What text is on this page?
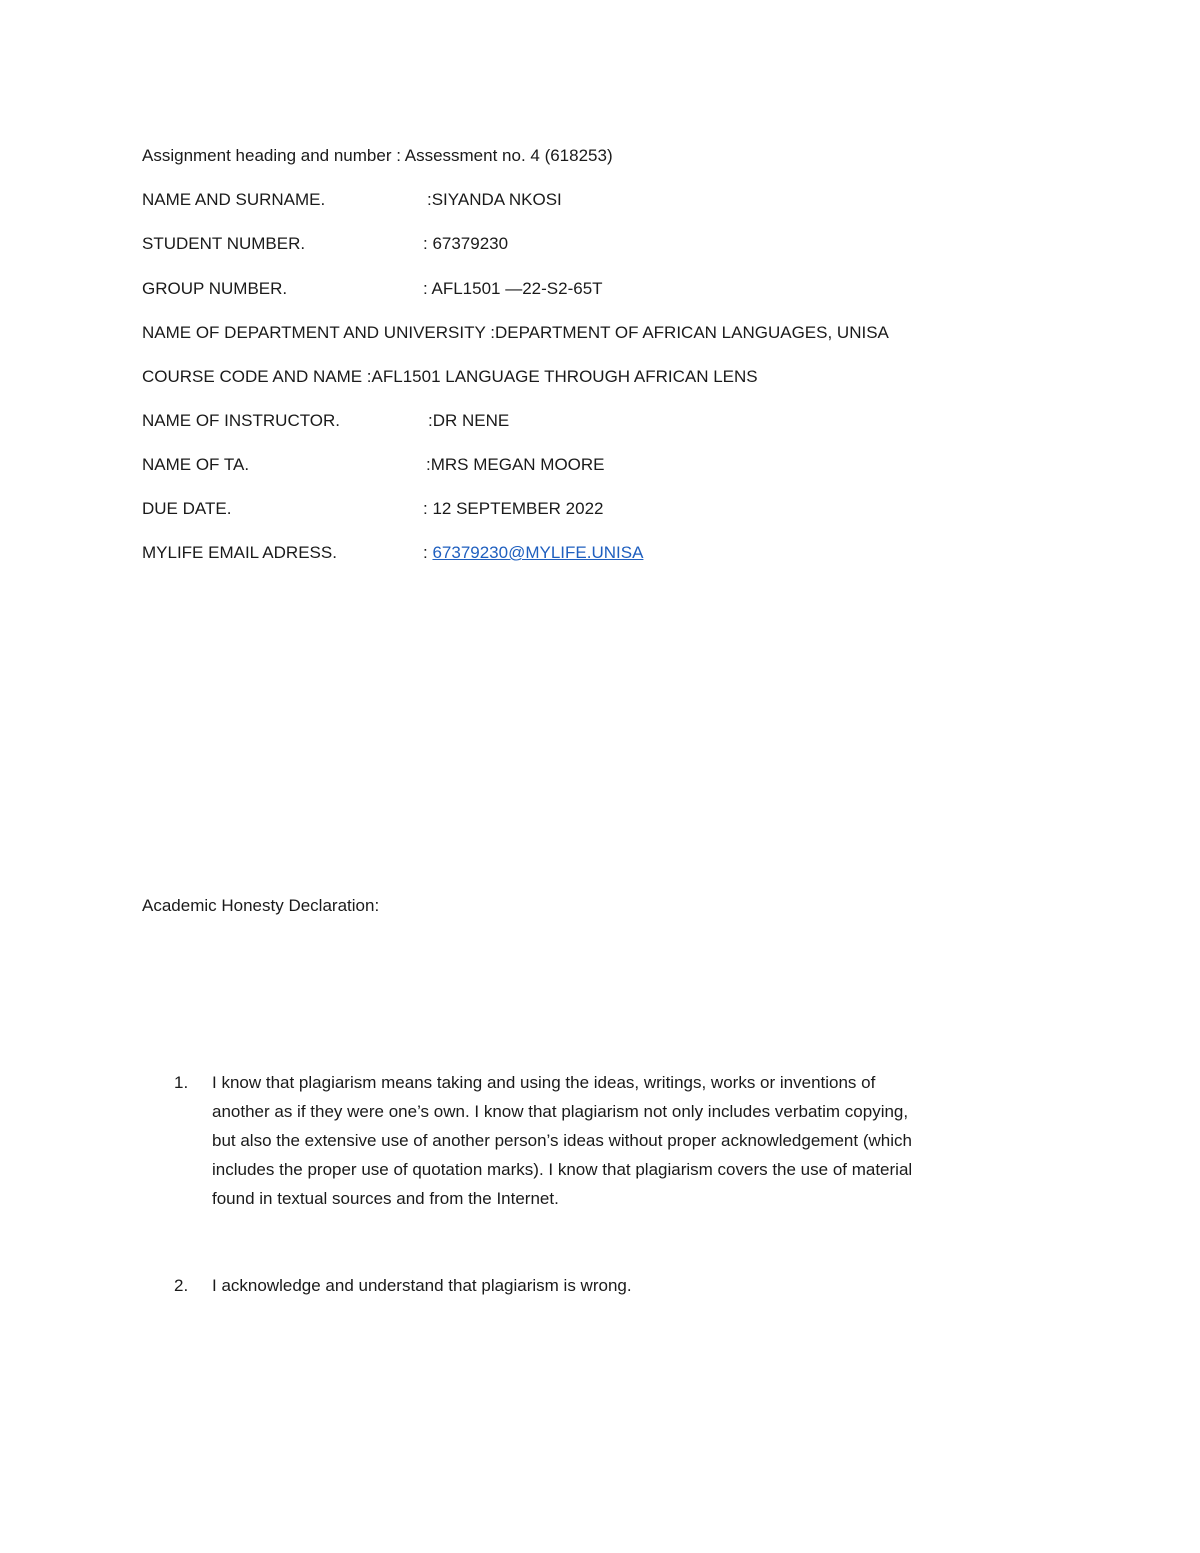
Assignment heading and number : Assessment no. 4 (618253)
NAME AND SURNAME.	:SIYANDA NKOSI
STUDENT NUMBER.	: 67379230
GROUP NUMBER.	: AFL1501 —22-S2-65T
NAME OF DEPARTMENT AND UNIVERSITY :DEPARTMENT OF AFRICAN LANGUAGES, UNISA
COURSE CODE AND NAME :AFL1501 LANGUAGE THROUGH AFRICAN LENS
NAME OF INSTRUCTOR.	:DR NENE
NAME OF TA.	:MRS MEGAN MOORE
DUE DATE.	: 12 SEPTEMBER 2022
MYLIFE EMAIL ADRESS.	: 67379230@MYLIFE.UNISA
Academic Honesty Declaration:
1.	I know that plagiarism means taking and using the ideas, writings, works or inventions of
another as if they were one’s own. I know that plagiarism not only includes verbatim copying,
but also the extensive use of another person’s ideas without proper acknowledgement (which
includes the proper use of quotation marks). I know that plagiarism covers the use of material
found in textual sources and from the Internet.
2.	I acknowledge and understand that plagiarism is wrong.
